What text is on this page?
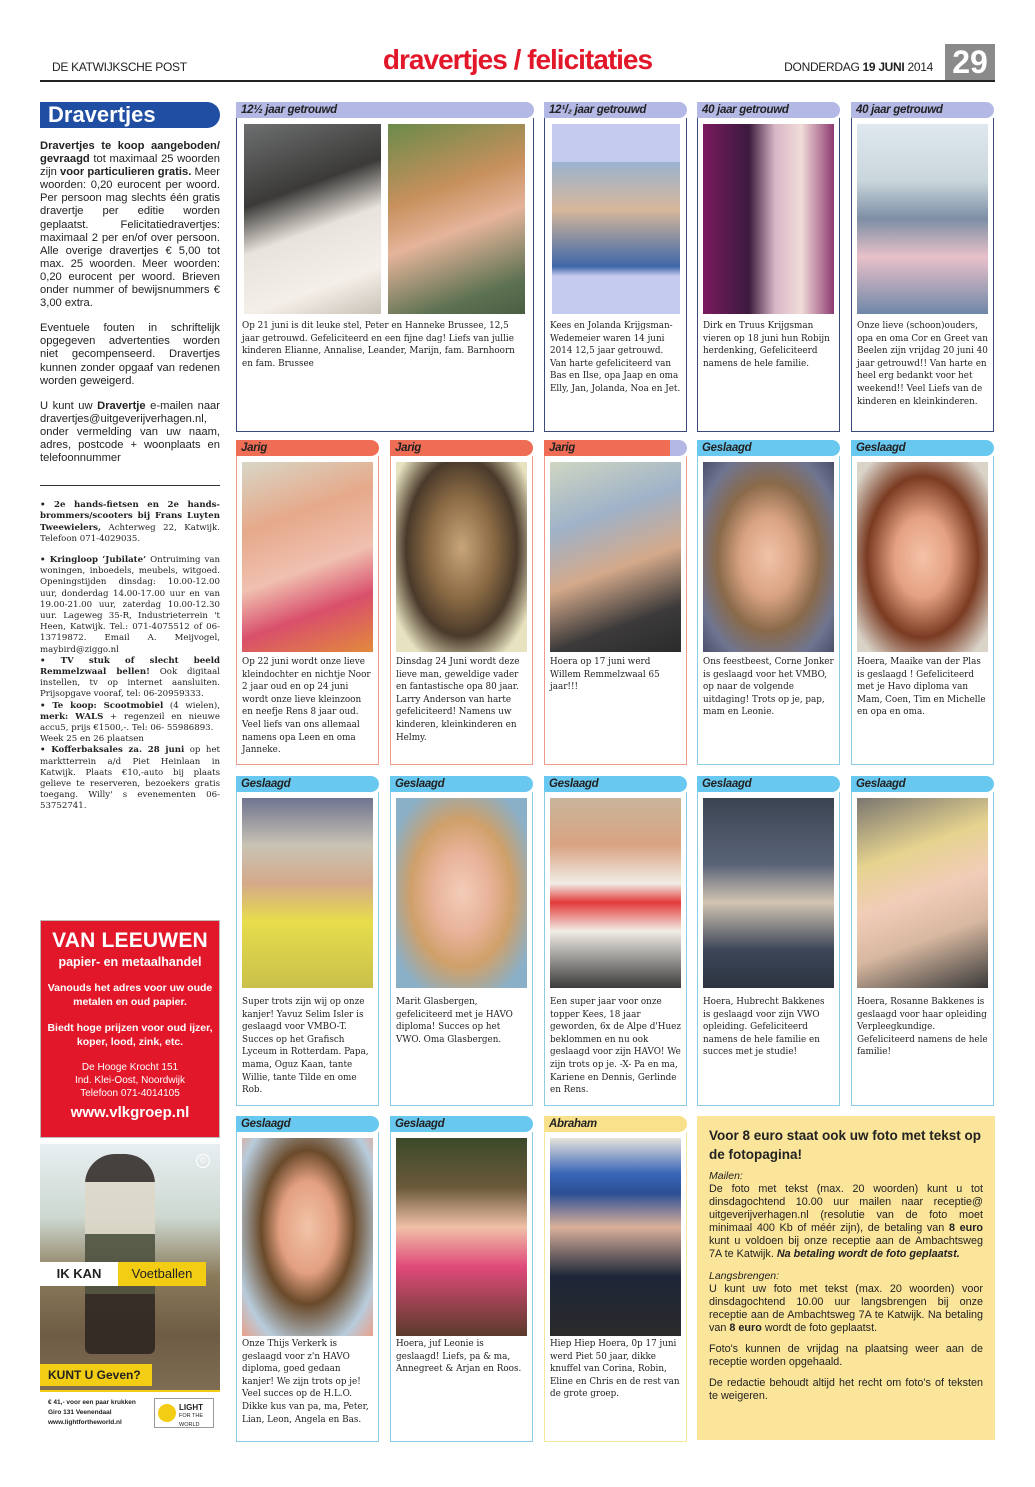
DE KATWIJKSCHE POST	dravertjes / felicitaties	DONDERDAG 19 JUNI 2014 29
Dravertjes

Dravertjes te koop aangeboden/ gevraagd tot maximaal 25 woorden zijn voor particulieren gratis. Meer woorden: 0,20 eurocent per woord. Per persoon mag slechts één gratis dravertje per editie worden geplaatst. Felicitatiedravertjes: maximaal 2 per en/of over persoon. Alle overige dravertjes € 5,00 tot max. 25 woorden. Meer woorden: 0,20 eurocent per woord. Brieven onder nummer of bewijsnummers € 3,00 extra.

Eventuele fouten in schriftelijk opgegeven advertenties worden niet gecompenseerd. Dravertjes kunnen zonder opgaaf van redenen worden geweigerd.

U kunt uw Dravertje e-mailen naar dravertjes@uitgeverijverhagen.nl, onder vermelding van uw naam, adres, postcode + woonplaats en telefoonnummer

• 2e hands-fietsen en 2e hands-brommers/scooters bij Frans Luyten Tweewielers, Achterweg 22, Katwijk. Telefoon 071-4029035.

• Kringloop ‘Jubilate’ Ontruiming van woningen, inboedels, meubels, witgoed. Openingstijden dinsdag: 10.00-12.00 uur, donderdag 14.00-17.00 uur en van 19.00-21.00 uur, zaterdag 10.00-12.30 uur. Lageweg 35-R, Industrieterrein 't Heen, Katwijk. Tel.: 071-4075512 of 06-13719872. Email A. Meijvogel, maybird@ziggo.nl

• TV stuk of slecht beeld Remmelzwaal bellen! Ook digitaal instellen, tv op internet aansluiten. Prijsopgave vooraf, tel: 06-20959333.

• Te koop: Scootmobiel (4 wielen), merk: WALS + regenzeil en nieuwe accu5, prijs €1500,-. Tel: 06- 55986893.
Week 25 en 26 plaatsen

• Kofferbaksales za. 28 juni op het marktterrein a/d Piet Heinlaan in Katwijk. Plaats €10,-auto bij plaats gelieve te reserveren, bezoekers gratis toegang. Willy' s evenementen 06-53752741.

VAN LEEUWEN
papier- en metaalhandel
Vanouds het adres voor uw oude metalen en oud papier.
Biedt hoge prijzen voor oud ijzer, koper, lood, zink, etc.
De Hooge Krocht 151
Ind. Klei-Oost, Noordwijk
Telefoon 071-4014105
www.vlkgroep.nl
©
IK KAN	Voetballen
KUNT U Geven?
€ 41,- voor een paar krukken
Giro 131 Veenendaal
www.lightfortheworld.nl
LIGHT
FOR THE WORLD
12½ jaar getrouwd
Op 21 juni is dit leuke stel, Peter en Hanneke Brussee, 12,5 jaar getrouwd. Gefeliciteerd en een fijne dag! Liefs van jullie kinderen Elianne, Annalise, Leander, Marijn, fam. Barnhoorn en fam. Brussee
12¹/₂ jaar getrouwd
Kees en Jolanda Krijgsman-Wedemeier waren 14 juni 2014 12,5 jaar getrouwd. Van harte gefeliciteerd van Bas en Ilse, opa Jaap en oma Elly, Jan, Jolanda, Noa en Jet.
40 jaar getrouwd
Dirk en Truus Krijgsman vieren op 18 juni hun Robijn herdenking, Gefeliciteerd namens de hele familie.
40 jaar getrouwd
Onze lieve (schoon)ouders, opa en oma Cor en Greet van Beelen zijn vrijdag 20 juni 40 jaar getrouwd!! Van harte en heel erg bedankt voor het weekend!! Veel Liefs van de kinderen en kleinkinderen.
Jarig
Op 22 juni wordt onze lieve kleindochter en nichtje Noor 2 jaar oud en op 24 juni wordt onze lieve kleinzoon en neefje Rens 8 jaar oud. Veel liefs van ons allemaal namens opa Leen en oma Janneke.
Jarig
Dinsdag 24 Juni wordt deze lieve man, geweldige vader en fantastische opa 80 jaar. Larry Anderson van harte gefeliciteerd! Namens uw kinderen, kleinkinderen en Helmy.
Jarig
Hoera op 17 juni werd Willem Remmelzwaal 65 jaar!!!
Geslaagd
Ons feestbeest, Corne Jonker is geslaagd voor het VMBO, op naar de volgende uitdaging! Trots op je, pap, mam en Leonie.
Geslaagd
Hoera, Maaike van der Plas is geslaagd ! Gefeliciteerd met je Havo diploma van Mam, Coen, Tim en Michelle en opa en oma.
Geslaagd
Super trots zijn wij op onze kanjer! Yavuz Selim Isler is geslaagd voor VMBO-T. Succes op het Grafisch Lyceum in Rotterdam. Papa, mama, Oguz Kaan, tante Willie, tante Tilde en ome Rob.
Geslaagd
Marit Glasbergen, gefeliciteerd met je HAVO diploma! Succes op het VWO. Oma Glasbergen.
Geslaagd
Een super jaar voor onze topper Kees, 18 jaar geworden, 6x de Alpe d'Huez beklommen en nu ook geslaagd voor zijn HAVO! We zijn trots op je. -X- Pa en ma, Kariene en Dennis, Gerlinde en Rens.
Geslaagd
Hoera, Hubrecht Bakkenes is geslaagd voor zijn VWO opleiding. Gefeliciteerd namens de hele familie en succes met je studie!
Geslaagd
Hoera, Rosanne Bakkenes is geslaagd voor haar opleiding Verpleegkundige. Gefeliciteerd namens de hele familie!
Geslaagd
Onze Thijs Verkerk is geslaagd voor z'n HAVO diploma, goed gedaan kanjer! We zijn trots op je! Veel succes op de H.L.O. Dikke kus van pa, ma, Peter, Lian, Leon, Angela en Bas.
Geslaagd
Hoera, juf Leonie is geslaagd! Liefs, pa & ma, Annegreet & Arjan en Roos.
Abraham
Hiep Hiep Hoera, 0p 17 juni werd Piet 50 jaar, dikke knuffel van Corina, Robin, Eline en Chris en de rest van de grote groep.
Voor 8 euro staat ook uw foto met tekst op de fotopagina!
Mailen:

De foto met tekst (max. 20 woorden) kunt u tot dinsdagochtend 10.00 uur mailen naar receptie@ uitgeverijverhagen.nl (resolutie van de foto moet minimaal 400 Kb of méér zijn), de betaling van 8 euro kunt u voldoen bij onze receptie aan de Ambachtsweg 7A te Katwijk. Na betaling wordt de foto geplaatst.

Langsbrengen:

U kunt uw foto met tekst (max. 20 woorden) voor dinsdagochtend 10.00 uur langsbrengen bij onze receptie aan de Ambachtsweg 7A te Katwijk. Na betaling van 8 euro wordt de foto geplaatst.

Foto's kunnen de vrijdag na plaatsing weer aan de receptie worden opgehaald.

De redactie behoudt altijd het recht om foto's of teksten te weigeren.
